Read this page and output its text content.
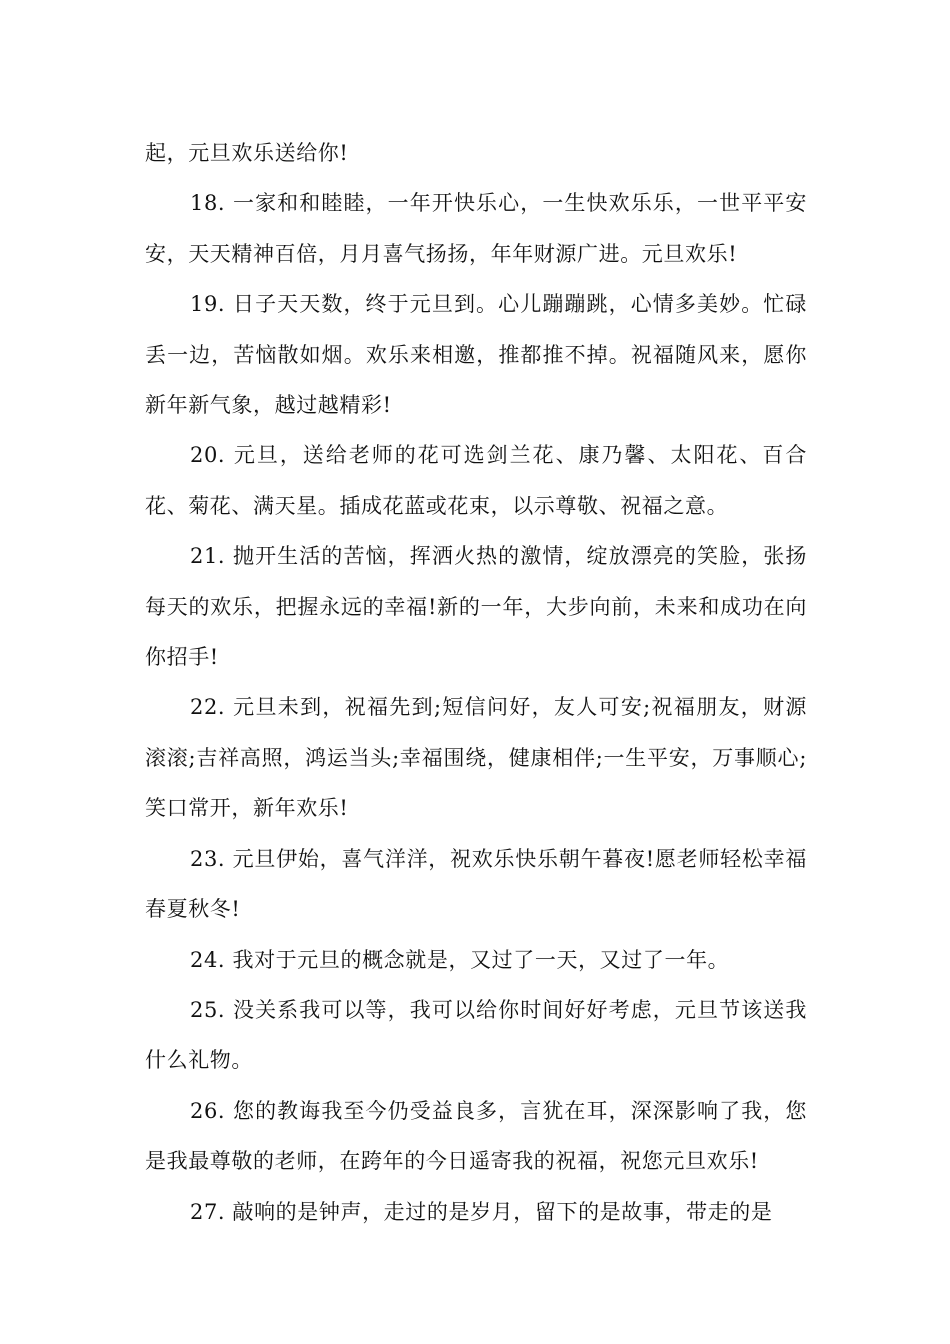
起，元旦欢乐送给你!

18. 一家和和睦睦，一年开快乐心，一生快欢乐乐，一世平平安安，天天精神百倍，月月喜气扬扬，年年财源广进。元旦欢乐!

19. 日子天天数，终于元旦到。心儿蹦蹦跳，心情多美妙。忙碌丢一边，苦恼散如烟。欢乐来相邀，推都推不掉。祝福随风来，愿你新年新气象，越过越精彩!

20. 元旦，送给老师的花可选剑兰花、康乃馨、太阳花、百合花、菊花、满天星。插成花蓝或花束，以示尊敬、祝福之意。

21. 抛开生活的苦恼，挥洒火热的激情，绽放漂亮的笑脸，张扬每天的欢乐，把握永远的幸福!新的一年，大步向前，未来和成功在向你招手!

22. 元旦未到，祝福先到;短信问好，友人可安;祝福朋友，财源滚滚;吉祥高照，鸿运当头;幸福围绕，健康相伴;一生平安，万事顺心;笑口常开，新年欢乐!

23. 元旦伊始，喜气洋洋，祝欢乐快乐朝午暮夜!愿老师轻松幸福春夏秋冬!

24. 我对于元旦的概念就是，又过了一天，又过了一年。

25. 没关系我可以等，我可以给你时间好好考虑，元旦节该送我什么礼物。

26. 您的教诲我至今仍受益良多，言犹在耳，深深影响了我，您是我最尊敬的老师，在跨年的今日遥寄我的祝福，祝您元旦欢乐!

27. 敲响的是钟声，走过的是岁月，留下的是故事，带走的是
